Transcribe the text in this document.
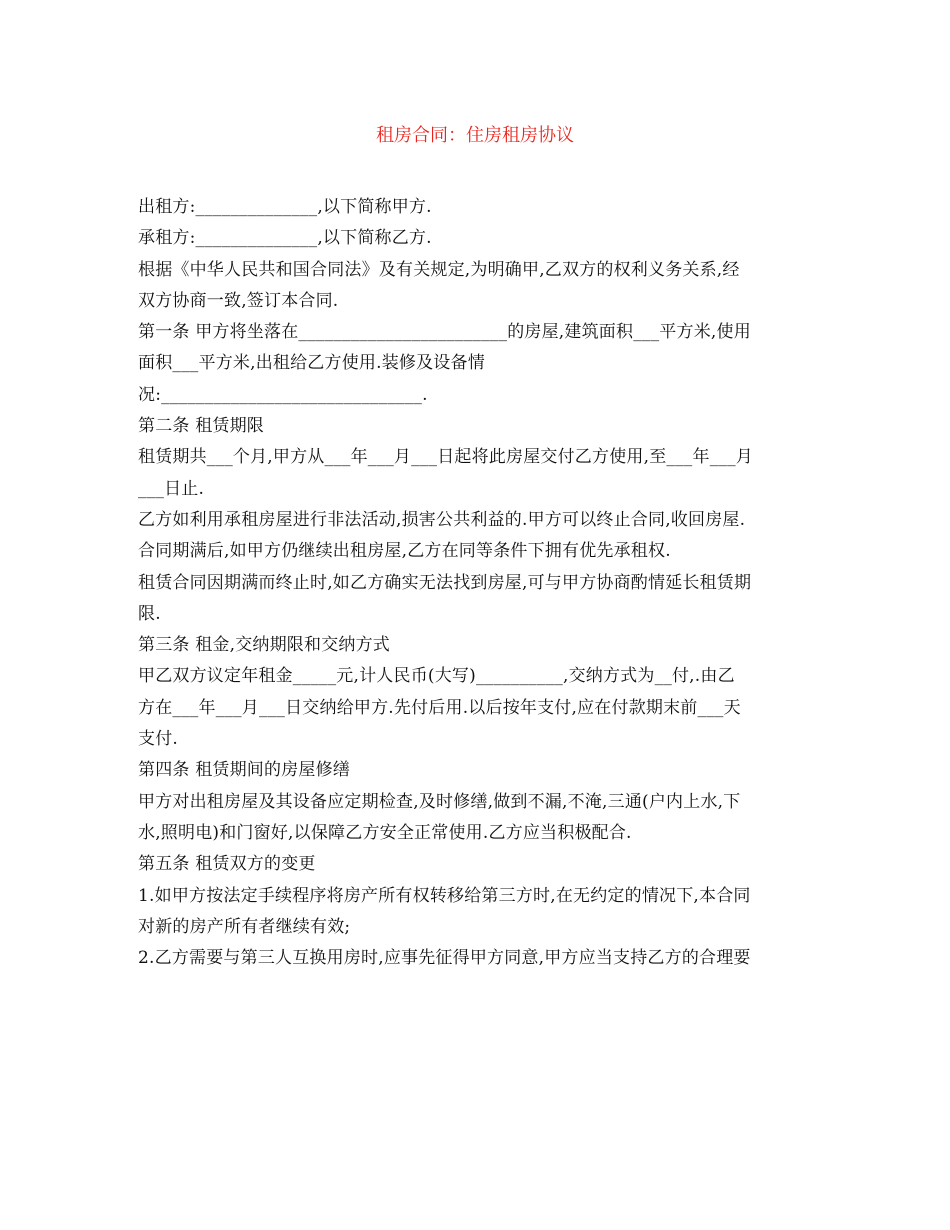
租房合同：住房租房协议
出租方:______________,以下简称甲方.
承租方:______________,以下简称乙方.
根据《中华人民共和国合同法》及有关规定,为明确甲,乙双方的权利义务关系,经
双方协商一致,签订本合同.
第一条 甲方将坐落在________________________的房屋,建筑面积___平方米,使用
面积___平方米,出租给乙方使用.装修及设备情
况:______________________________.
第二条 租赁期限
租赁期共___个月,甲方从___年___月___日起将此房屋交付乙方使用,至___年___月
___日止.
乙方如利用承租房屋进行非法活动,损害公共利益的.甲方可以终止合同,收回房屋.
合同期满后,如甲方仍继续出租房屋,乙方在同等条件下拥有优先承租权.
租赁合同因期满而终止时,如乙方确实无法找到房屋,可与甲方协商酌情延长租赁期
限.
第三条 租金,交纳期限和交纳方式
甲乙双方议定年租金_____元,计人民币(大写)__________,交纳方式为__付,.由乙
方在___年___月___日交纳给甲方.先付后用.以后按年支付,应在付款期末前___天
支付.
第四条 租赁期间的房屋修缮
甲方对出租房屋及其设备应定期检查,及时修缮,做到不漏,不淹,三通(户内上水,下
水,照明电)和门窗好,以保障乙方安全正常使用.乙方应当积极配合.
第五条 租赁双方的变更
1.如甲方按法定手续程序将房产所有权转移给第三方时,在无约定的情况下,本合同
对新的房产所有者继续有效;
2.乙方需要与第三人互换用房时,应事先征得甲方同意,甲方应当支持乙方的合理要
